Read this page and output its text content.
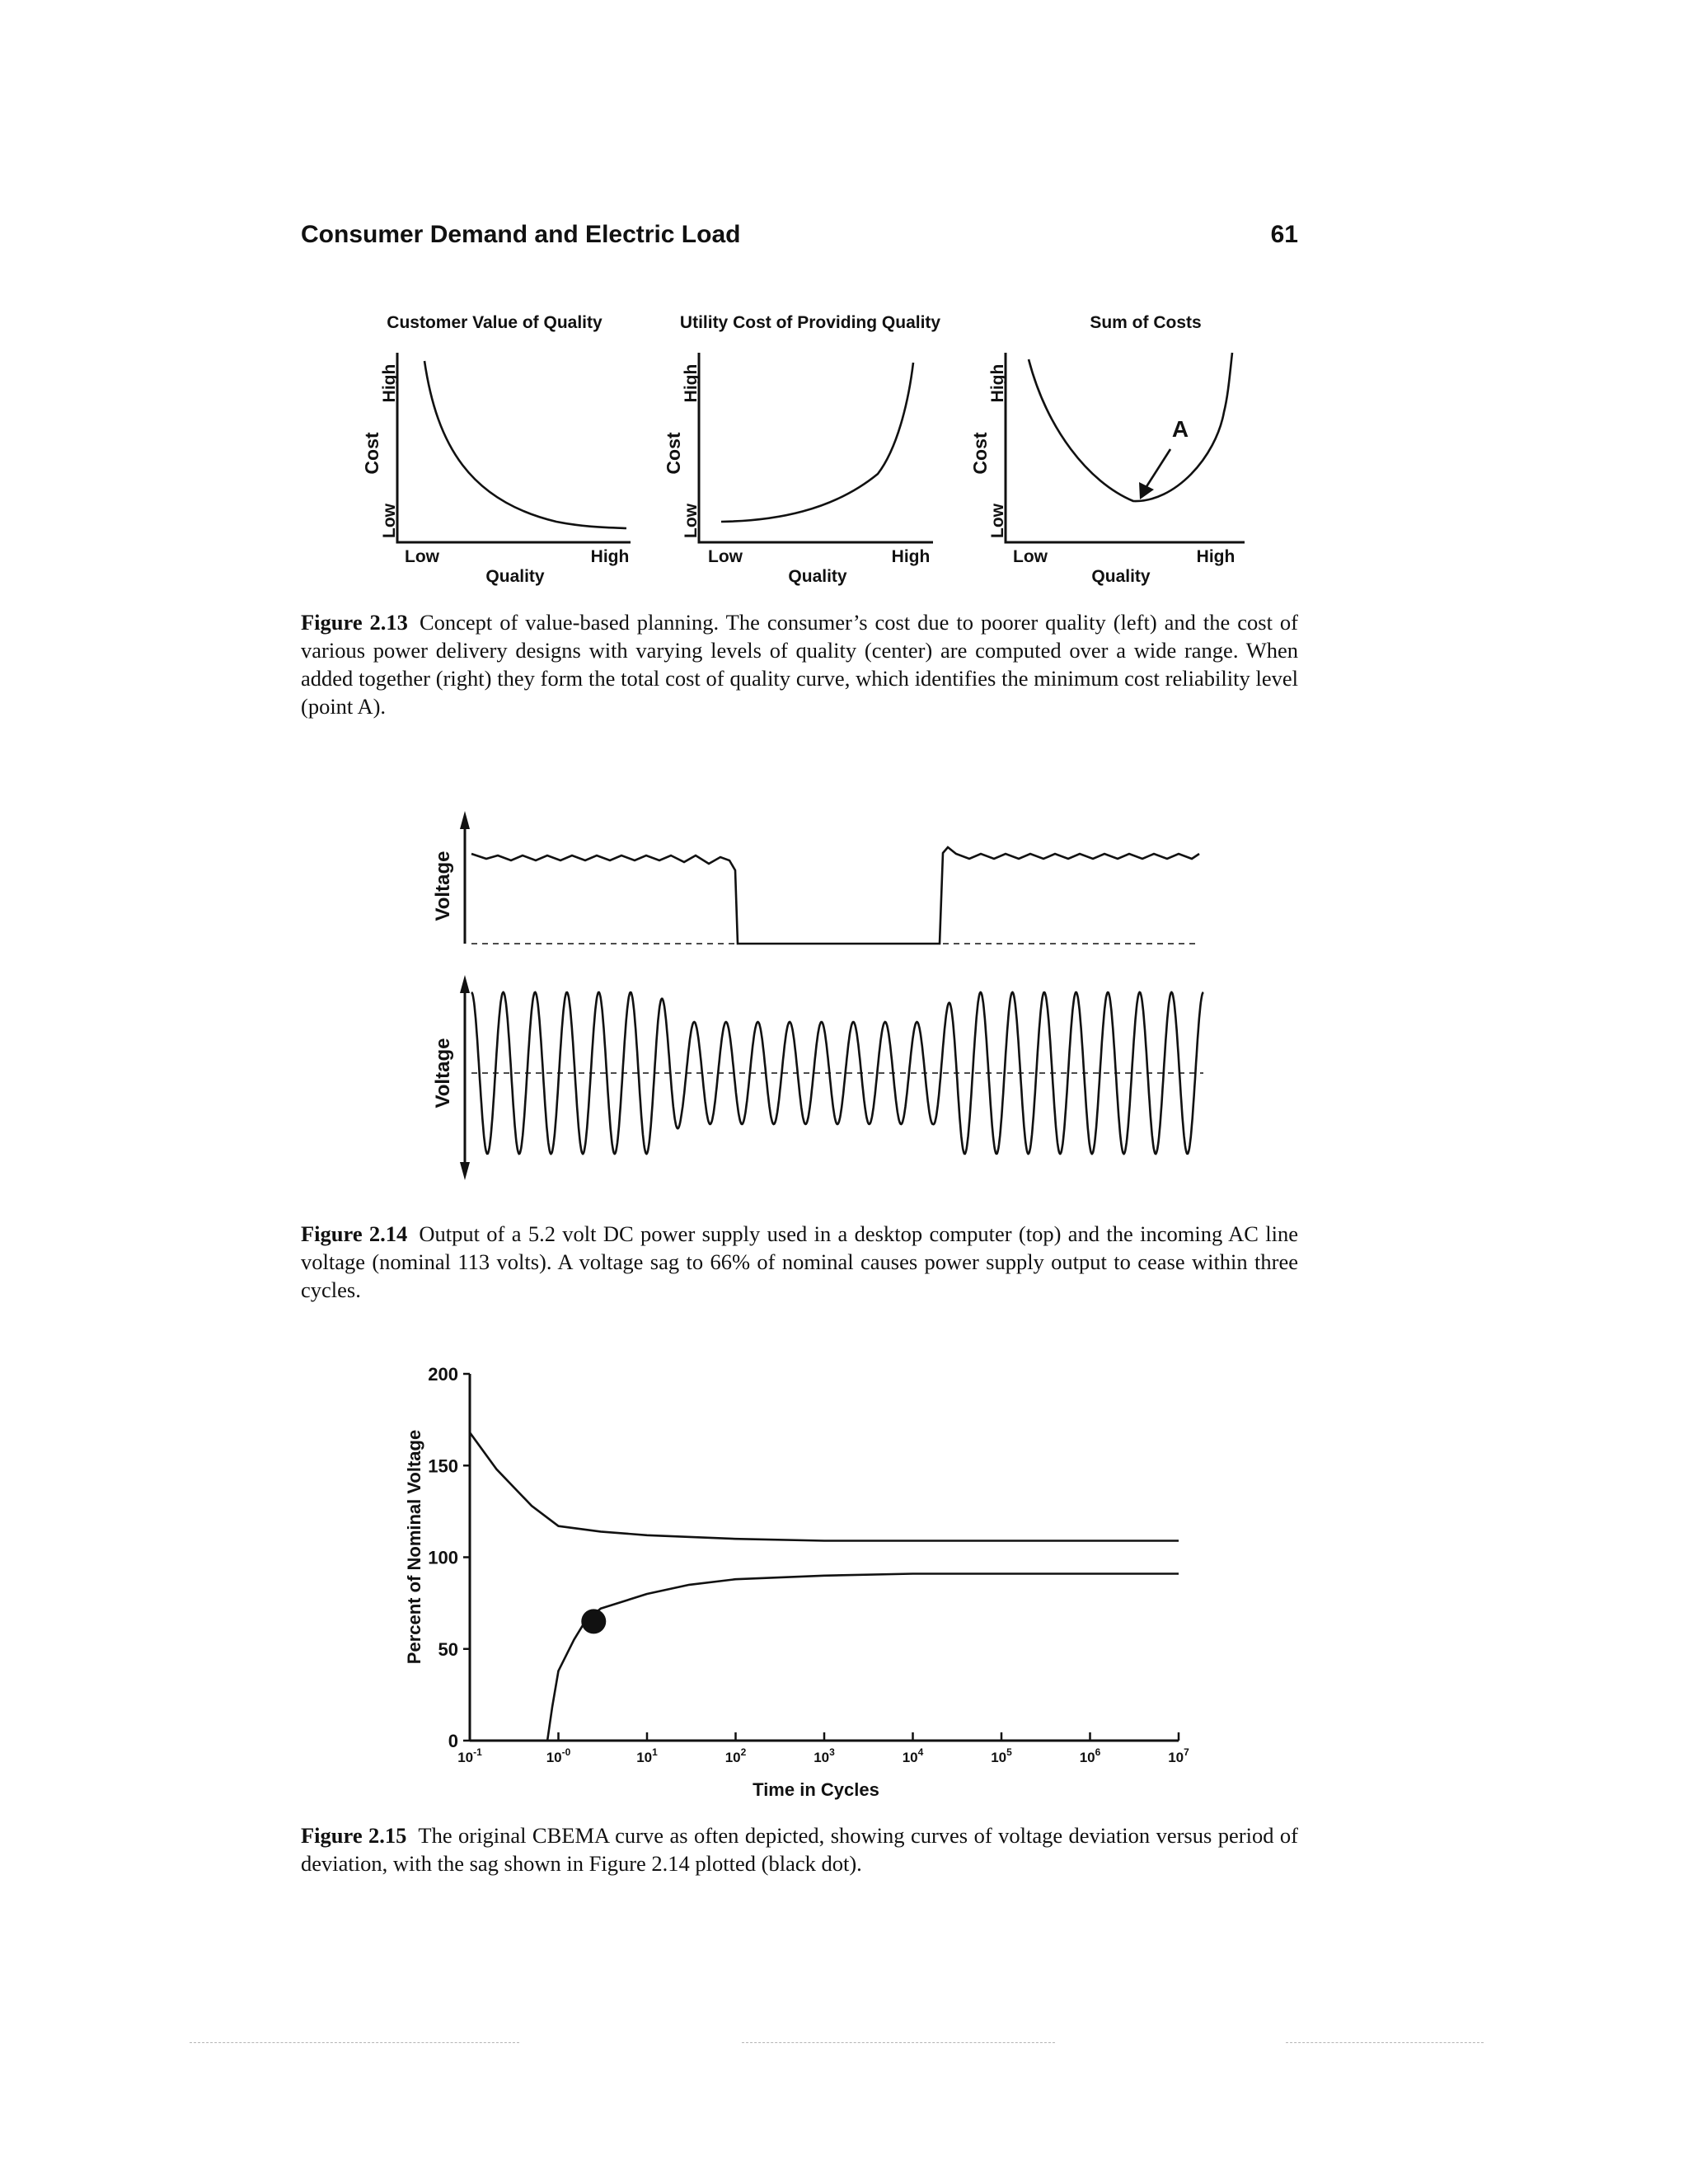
Consumer Demand and Electric Load	61
Customer Value of Quality
High
Cost
Low
Low	High
Quality
Utility Cost of Providing Quality
High
Cost
Low
Low	High
Quality
Sum of Costs
A
High
Cost
Low
Low	High
Quality
Figure 2.13 Concept of value-based planning. The consumer’s cost due to poorer quality (left) and the cost of various power delivery designs with varying levels of quality (center) are computed over a wide range. When added together (right) they form the total cost of quality curve, which identifies the minimum cost reliability level (point A).
Voltage
Voltage
Figure 2.14 Output of a 5.2 volt DC power supply used in a desktop computer (top) and the incoming AC line voltage (nominal 113 volts). A voltage sag to 66% of nominal causes power supply output to cease within three cycles.
0
50
100
150
200
$10^{-1}$	$10^{-0}$	$10^1$	$10^2$	$10^3$	$10^4$	$10^5$	$10^6$	$10^7$
Percent of Nominal Voltage
Time in Cycles
Figure 2.15 The original CBEMA curve as often depicted, showing curves of voltage deviation versus period of deviation, with the sag shown in Figure 2.14 plotted (black dot).
